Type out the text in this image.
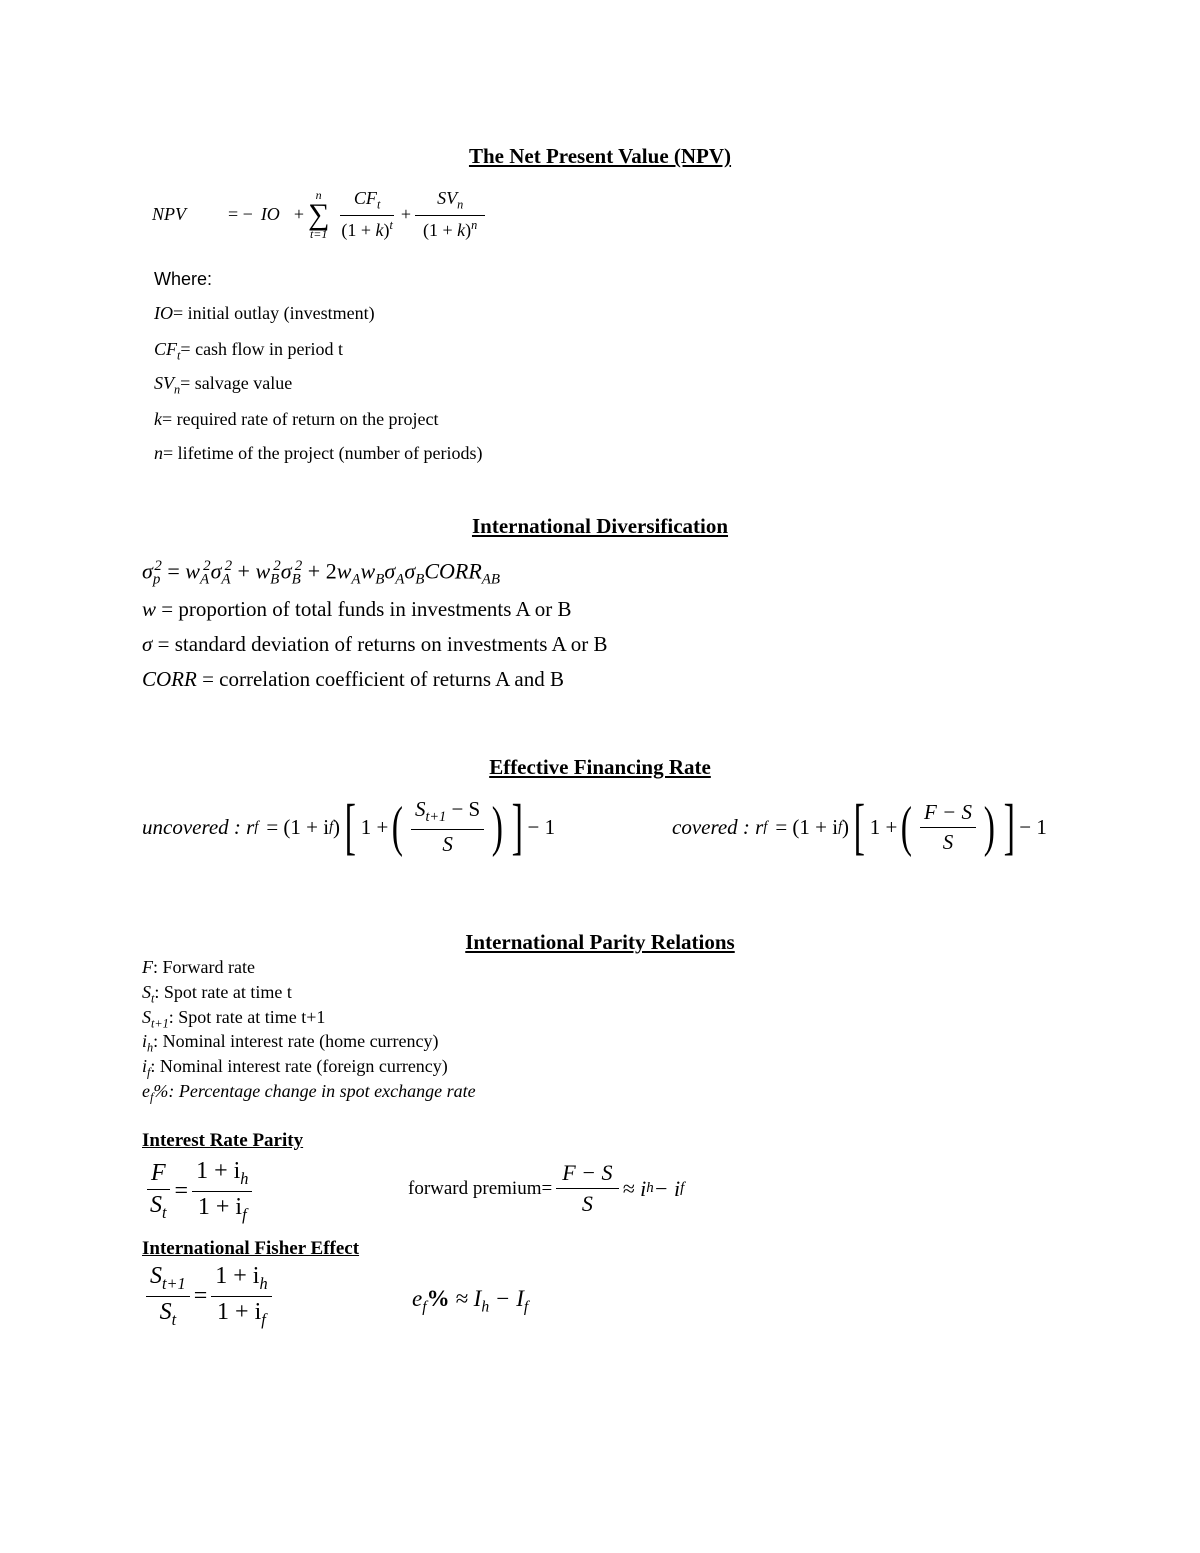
The Net Present Value (NPV)
NPV = − IO +
n
∑
$t=1 \frac{CF_t}{(1 + k)^t} + \frac{SV_n}{(1 + k)^n}$
Where:
IO= initial outlay (investment)
$CF_t=$ cash flow in period t
$SV_n=$ salvage value
k= required rate of return on the project
n= lifetime of the project (number of periods)
International Diversification
$\sigma_p^2 = w_A^2\sigma_A^2 + w_B^2\sigma_B^2$ + $2w_Aw_B\sigma_A\sigma_BCORR_{AB}$
w = proportion of total funds in investments A or B
σ = standard deviation of returns on investments A or B
CORR = correlation coefficient of returns A and B
Effective Financing Rate
uncovered : r f = (1 + i f ) [ 1 + ( $\frac{S_{t+1} - S}{S}$ ) ] − 1	covered : r f = (1 + i f ) [ 1 + ( $\frac{F - S}{S}$ ) ] − 1
International Parity Relations
F: Forward rate
$S_t$: Spot rate at time t
$S_{t+1}$: Spot rate at time t+1
$i_h$: Nominal interest rate (home currency)
$i_f$: Nominal interest rate (foreign currency)
$e_f\%$: Percentage change in spot exchange rate
Interest Rate Parity
$\frac{F}{S_t} = \frac{1 + i_h}{1 + i_f}$	forward premium= $\frac{F - S}{S} \approx i$ h − i f
International Fisher Effect
$\frac{S_{t+1}}{S_t} = \frac{1 + i_h}{1 + i_f}$	$e_f\% \approx I_h - I_f$
